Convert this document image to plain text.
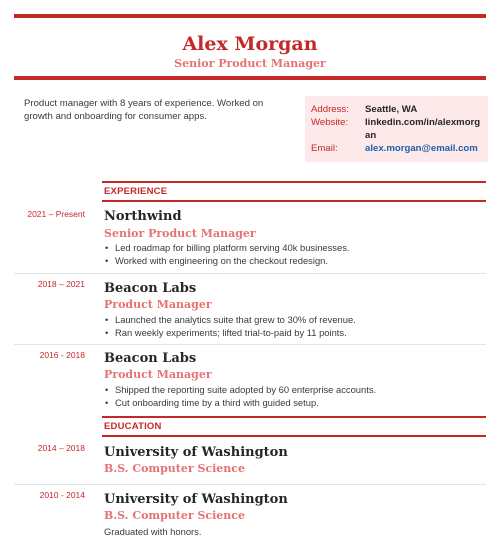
Alex Morgan
Senior Product Manager
Product manager with 8 years of experience. Worked on growth and onboarding for consumer apps.
Address:	Seattle, WA
Website:	linkedin.com/in/alexmorgan
Email:	alex.morgan@email.com
EXPERIENCE
2021 – Present Northwind
Senior Product Manager
• Led roadmap for billing platform serving 40k businesses.
• Worked with engineering on the checkout redesign.
2018 – 2021 Beacon Labs
Product Manager
• Launched the analytics suite that grew to 30% of revenue.
• Ran weekly experiments; lifted trial-to-paid by 11 points.
2016 - 2018 Beacon Labs
Product Manager
• Shipped the reporting suite adopted by 60 enterprise accounts.
• Cut onboarding time by a third with guided setup.
EDUCATION
2014 – 2018 University of Washington
B.S. Computer Science
2010 - 2014 University of Washington
B.S. Computer Science
Graduated with honors.
